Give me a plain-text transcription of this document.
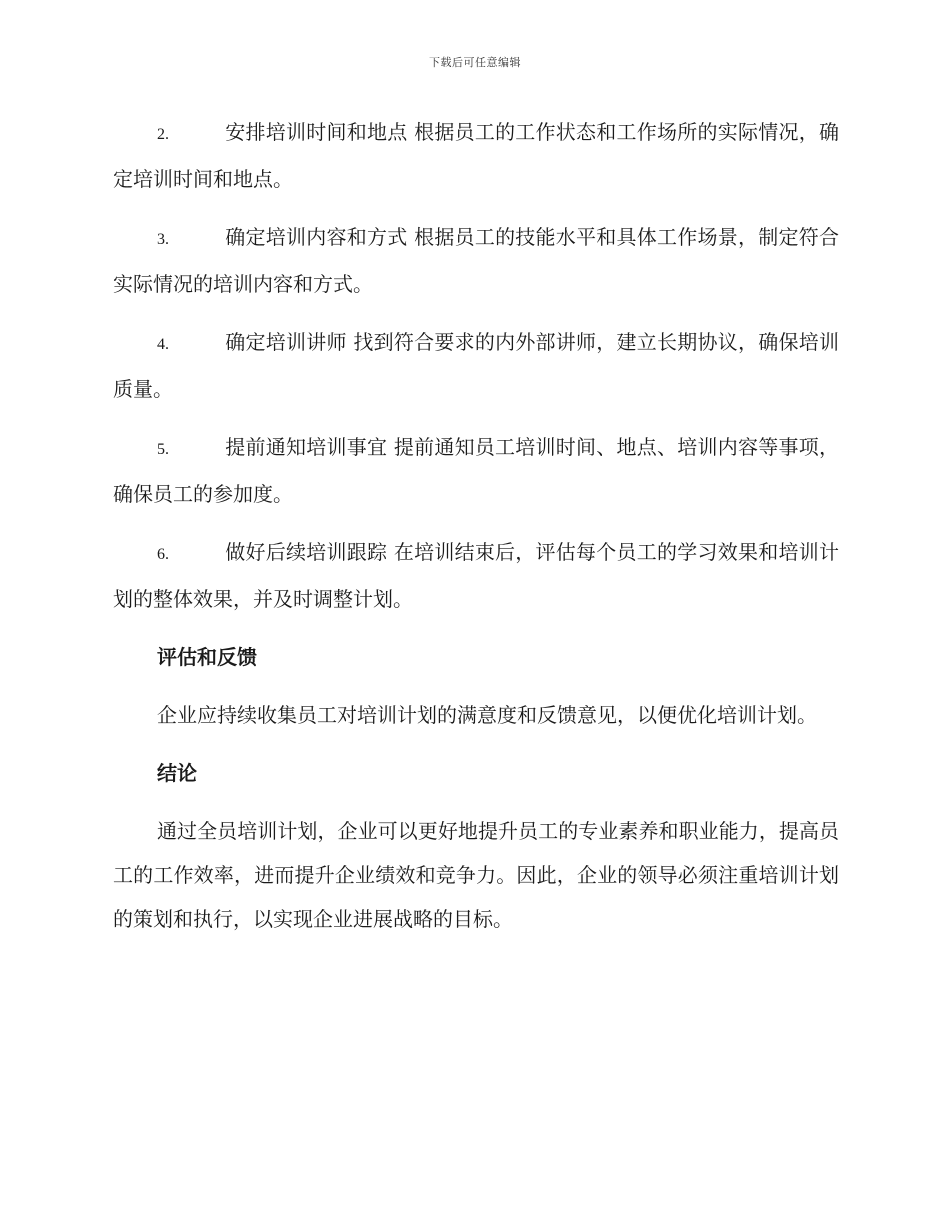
下载后可任意编辑

2.	安排培训时间和地点 根据员工的工作状态和工作场所的实际情况，确定培训时间和地点。

3.	确定培训内容和方式 根据员工的技能水平和具体工作场景，制定符合实际情况的培训内容和方式。

4.	确定培训讲师 找到符合要求的内外部讲师，建立长期协议，确保培训质量。

5.	提前通知培训事宜 提前通知员工培训时间、地点、培训内容等事项，确保员工的参加度。

6.	做好后续培训跟踪 在培训结束后，评估每个员工的学习效果和培训计划的整体效果，并及时调整计划。

评估和反馈

企业应持续收集员工对培训计划的满意度和反馈意见，以便优化培训计划。

结论

通过全员培训计划，企业可以更好地提升员工的专业素养和职业能力，提高员工的工作效率，进而提升企业绩效和竞争力。因此，企业的领导必须注重培训计划的策划和执行，以实现企业进展战略的目标。
